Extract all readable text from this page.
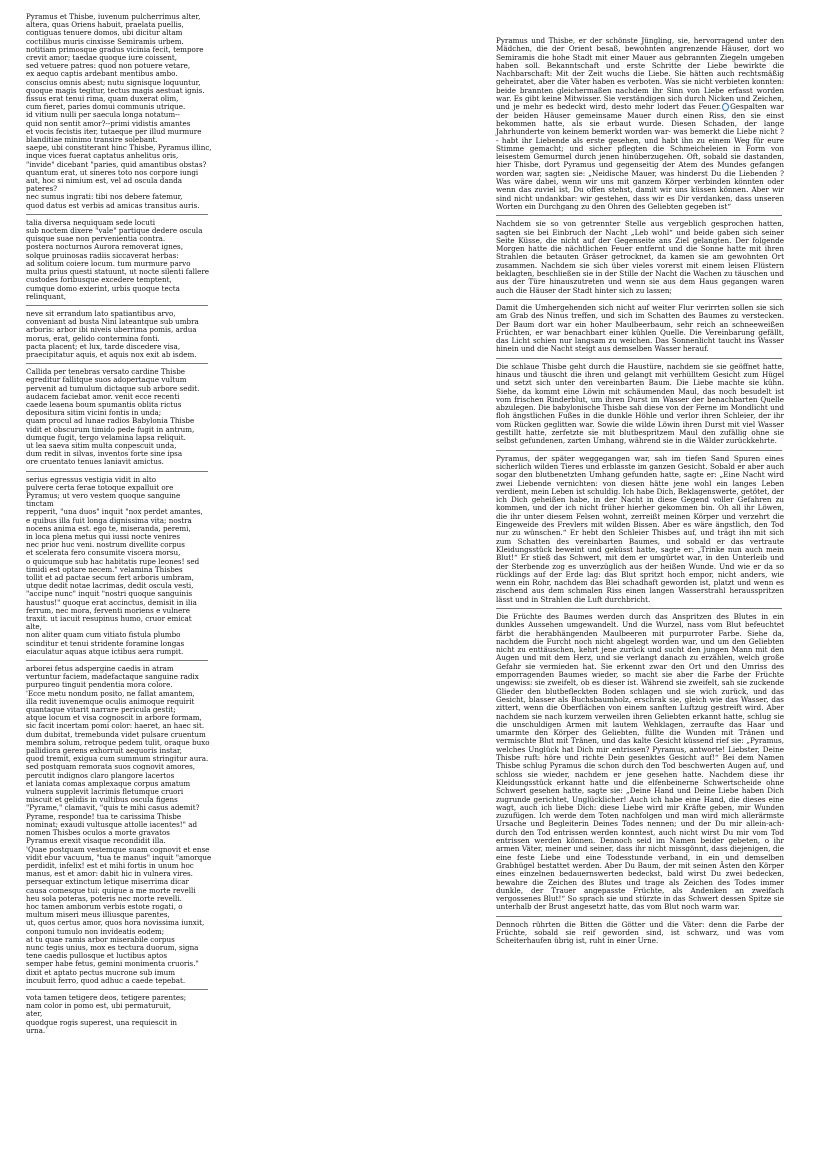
Pyramus et Thisbe, iuvenum pulcherrimus alter,
altera, quas Oriens habuit, praelata puellis,
contiguas tenuere domos, ubi dicitur altam
coctilibus muris cinxisse Semiramis urbem.
notitiam primosque gradus vicinia fecit, tempore
crevit amor; taedae quoque iure coissent,
sed vetuere patres: quod non potuere vetare,
ex aequo captis ardebant mentibus ambo.
conscius omnis abest; nutu signisque loquuntur,
quoque magis tegitur, tectus magis aestuat ignis.
fissus erat tenui rima, quam duxerat olim,
cum fieret, paries domui communis utrique.
id vitium nulli per saecula longa notatum--
quid non sentit amor?--primi vidistis amantes
et vocis fecistis iter, tutaeque per illud murmure
blanditiae minimo transire solebant.
saepe, ubi constiterant hinc Thisbe, Pyramus illinc,
inque vices fuerat captatus anhelitus oris,
"invide" dicebant "paries, quid amantibus obstas?
quantum erat, ut sineres toto nos corpore iungi
aut, hoc si nimium est, vel ad oscula danda
pateres?
nec sumus ingrati: tibi nos debere fatemur,
quod datus est verbis ad amicas transitus auris.

talia diversa nequiquam sede locuti
sub noctem dixere "vale" partique dedere oscula
quisque suae non pervenientia contra.
postera nocturnos Aurora removerat ignes,
solque pruinosas radiis siccaverat herbas:
ad solitum coiere locum. tum murmure parvo
multa prius questi statuunt, ut nocte silenti fallere
custodes foribusque excedere temptent,
cumque domo exierint, urbis quoque tecta
relinquant,

neve sit errandum lato spatiantibus arvo,
conveniant ad busta Nini lateantque sub umbra
arboris: arbor ibi niveis uberrima pomis, ardua
morus, erat, gelido contermina fonti.
pacta placent; et lux, tarde discedere visa,
praecipitatur aquis, et aquis nox exit ab isdem.

Callida per tenebras versato cardine Thisbe
egreditur fallitque suos adopertaque vultum
pervenit ad tumulum dictaque sub arbore sedit.
audacem faciebat amor. venit ecce recenti
caede leaena boum spumantis oblita rictus
depositura sitim vicini fontis in unda;
quam procul ad lunae radios Babylonia Thisbe
vidit et obscurum timido pede fugit in antrum,
dumque fugit, tergo velamina lapsa reliquit.
ut lea saeva sitim multa conpescuit unda,
dum redit in silvas, inventos forte sine ipsa
ore cruentato tenues laniavit amictus.

serius egressus vestigia vidit in alto
pulvere certa ferae totoque expalluit ore
Pyramus; ut vero vestem quoque sanguine
tinctam
repperit, "una duos" inquit "nox perdet amantes,
e quibus illa fuit longa dignissima vita; nostra
nocens anima est. ego te, miseranda, peremi,
in loca plena metus qui iussi nocte venires
nec prior huc veni. nostrum divellite corpus
et scelerata fero consumite viscera morsu,
o quicumque sub hac habitatis rupe leones! sed
timidi est optare necem." velamina Thisbes
tollit et ad pactae secum fert arboris umbram,
utque dedit notae lacrimas, dedit oscula vesti,
"accipe nunc" inquit "nostri quoque sanguinis
haustus!" quoque erat accinctus, demisit in ilia
ferrum, nec mora, ferventi moriens e vulnere
traxit. ut iacuit resupinus humo, cruor emicat
alte,
non aliter quam cum vitiato fistula plumbo
scinditur et tenui stridente foramine longas
eiaculatur aquas atque ictibus aera rumpit.

arborei fetus adspergine caedis in atram
vertuntur faciem, madefactaque sanguine radix
purpureo tinguit pendentia mora colore.
'Ecce metu nondum posito, ne fallat amantem,
illa redit iuvenemque oculis animoque requirit
quantaque vitarit narrare pericula gestit;
atque locum et visa cognoscit in arbore formam,
sic facit incertam pomi color: haeret, an haec sit.
dum dubitat, tremebunda videt pulsare cruentum
membra solum, retroque pedem tulit, oraque buxo
pallidiora gerens exhorruit aequoris instar,
quod tremit, exigua cum summum stringitur aura.
sed postquam remorata suos cognovit amores,
percutit indignos claro plangore lacertos
et laniata comas amplexaque corpus amatum
vulnera supplevit lacrimis fletumque cruori
miscuit et gelidis in vultibus oscula figens
"Pyrame," clamavit, "quis te mihi casus ademit?
Pyrame, responde! tua te carissima Thisbe
nominat; exaudi vultusque attolle iacentes!" ad
nomen Thisbes oculos a morte gravatos
Pyramus erexit visaque recondidit illa.
'Quae postquam vestemque suam cognovit et ense
vidit ebur vacuum, "tua te manus" inquit "amorque
perdidit, infelix! est et mihi fortis in unum hoc
manus, est et amor: dabit hic in vulnera vires.
persequar extinctum letique miserrima dicar
causa comesque tui: quique a me morte revelli
heu sola poteras, poteris nec morte revelli.
hoc tamen amborum verbis estote rogati, o
multum miseri meus illiusque parentes,
ut, quos certus amor, quos hora novissima iunxit,
conponi tumulo non invideatis eodem;
at tu quae ramis arbor miserabile corpus
nunc tegis unius, mox es tectura duorum, signa
tene caedis pullosque et luctibus aptos
semper habe fetus, gemini monimenta cruoris."
dixit et aptato pectus mucrone sub imum
incubuit ferro, quod adhuc a caede tepebat.

vota tamen tetigere deos, tetigere parentes;
nam color in pomo est, ubi permaturuit,
ater,
quodque rogis superest, una requiescit in
urna.`

Pyramus und Thisbe, er der schönste Jüngling, sie, hervorragend unter den Mädchen, die der Orient besaß, bewohnten angrenzende Häuser, dort wo Semiramis die hohe Stadt mit einer Mauer aus gebrannten Ziegeln umgeben haben soll. Bekanntschaft und erste Schritte der Liebe bewirkte die Nachbarschaft: Mit der Zeit wuchs die Liebe. Sie hätten auch rechtsmäßig geheiratet, aber die Väter haben es verboten. Was sie nicht verbieten konnten: beide brannten gleichermaßen nachdem ihr Sinn von Liebe erfasst worden war. Es gibt keine Mitwisser. Sie verständigen sich durch Nicken und Zeichen, und je mehr es bedeckt wird, desto mehr lodert das Feuer. Gespalten war der beiden Häuser gemeinsame Mauer durch einen Riss, den sie einst bekommen hatte, als sie erbaut wurde. Diesen Schaden, der lange Jahrhunderte von keinem bemerkt worden war- was bemerkt die Liebe nicht ?- habt ihr Liebende als erste gesehen, und habt ihn zu einem Weg für eure Stimme gemacht; und sicher pflegten die Schmeicheleien in Form von leisestem Gemurmel durch jenen hinüberzugehen. Oft, sobald sie dastanden, hier Thisbe, dort Pyramus und gegenseitig der Atem des Mundes gefangen worden war, sagten sie: „Neidische Mauer, was hinderst Du die Liebenden ? Was wäre dabei, wenn wir uns mit ganzem Körper verbinden könnten oder wenn das zuviel ist, Du offen stehst, damit wir uns küssen können. Aber wir sind nicht undankbar: wir gestehen, dass wir es Dir verdanken, dass unseren Worten ein Durchgang zu den Ohren des Geliebten gegeben ist“

Nachdem sie so von getrennter Stelle aus vergeblich gesprochen hatten, sagten sie bei Einbruch der Nacht „Leb wohl“ und beide gaben sich seiner Seite Küsse, die nicht auf der Gegenseite ans Ziel gelangten. Der folgende Morgen hatte die nächtlichen Feuer entfernt und die Sonne hatte mit ihren Strahlen die betauten Gräser getrocknet, da kamen sie am gewohnten Ort zusammen. Nachdem sie sich über vieles vorerst mit einem leisen Flüstern beklagten, beschließen sie in der Stille der Nacht die Wachen zu täuschen und aus der Türe hinauszutreten und wenn sie aus dem Haus gegangen waren auch die Häuser der Stadt hinter sich zu lassen;

Damit die Umhergehenden sich nicht auf weiter Flur verirrten sollen sie sich am Grab des Ninus treffen, und sich im Schatten des Baumes zu verstecken. Der Baum dort war ein hoher Maulbeerbaum, sehr reich an schneeweißen Früchten, er war benachbart einer kühlen Quelle. Die Vereinbarung gefällt, das Licht schien nur langsam zu weichen. Das Sonnenlicht taucht ins Wasser hinein und die Nacht steigt aus demselben Wasser herauf.

Die schlaue Thisbe geht durch die Haustüre, nachdem sie sie geöffnet hatte, hinaus und täuscht die ihren und gelangt mit verhülltem Gesicht zum Hügel und setzt sich unter den vereinbarten Baum. Die Liebe machte sie kühn. Siehe, da kommt eine Löwin mit schäumenden Maul, das noch besudelt ist vom frischen Rinderblut, um ihren Durst im Wasser der benachbarten Quelle abzulegen. Die babylonische Thisbe sah diese von der Ferne im Mondlicht und floh ängstlichen Fußes in die dunkle Höhle und verlor ihren Schleier, der ihr vom Rücken geglitten war. Sowie die wilde Löwin ihren Durst mit viel Wasser gestillt hatte, zerfetzte sie mit blutbespritzem Maul den zufällig ohne sie selbst gefundenen, zarten Umhang, während sie in die Wälder zurückkehrte.

Pyramus, der später weggegangen war, sah im tiefen Sand Spuren eines sicherlich wilden Tieres und erblasste im ganzen Gesicht. Sobald er aber auch sogar den blutbenetzten Umhang gefunden hatte, sagte er: „Eine Nacht wird zwei Liebende vernichten: von diesen hätte jene wohl ein langes Leben verdient, mein Leben ist schuldig. Ich habe Dich, Beklagenswerte, getötet, der ich Dich geheißen habe, in der Nacht in diese Gegend voller Gefahren zu kommen, und der ich nicht früher hierher gekommen bin. Oh all ihr Löwen, die ihr unter diesem Felsen wohnt, zerreißt meinen Körper und verzehrt die Eingeweide des Frevlers mit wilden Bissen. Aber es wäre ängstlich, den Tod nur zu wünschen.“ Er hebt den Schleier Thisbes auf, und trägt ihn mit sich zum Schatten des vereinbarten Baumes, und sobald er das vertraute Kleidungsstück beweint und geküsst hatte, sagte er: „Trinke nun auch mein Blut!“ Er stieß das Schwert, mit dem er umgürtet war, in den Unterleib und der Sterbende zog es unverzüglich aus der heißen Wunde. Und wie er da so rücklings auf der Erde lag: das Blut spritzt hoch empor, nicht anders, wie wenn ein Rohr, nachdem das Blei schadhaft geworden ist, platzt und wenn es zischend aus dem schmalen Riss einen langen Wasserstrahl herausspritzen lässt und in Strahlen die Luft durchbricht.

Die Früchte des Baumes werden durch das Anspritzen des Blutes in ein dunkles Aussehen umgewandelt. Und die Wurzel, nass vom Blut befeuchtet färbt die herabhängenden Maulbeeren mit purpurroter Farbe. Siehe da, nachdem die Furcht noch nicht abgelegt worden war, und um den Geliebten nicht zu enttäuschen, kehrt jene zurück und sucht den jungen Mann mit den Augen und mit dem Herz, und sie verlangt danach zu erzählen, welch große Gefahr sie vermieden hat. Sie erkennt zwar den Ort und den Umriss des emporragenden Baumes wieder, so macht sie aber die Farbe der Früchte ungewiss: sie zweifelt, ob es dieser ist. Während sie zweifelt, sah sie zuckende Glieder den blutbefleckten Boden schlagen und sie wich zurück, und das Gesicht, blasser als Buchsbaumholz, erschrak sie, gleich wie das Wasser, das zittert, wenn die Oberflächen von einem sanften Luftzug gestreift wird. Aber nachdem sie nach kurzem verweilen ihren Geliebten erkannt hatte, schlug sie die unschuldigen Armen mit lautem Wehklagen, zerraufte das Haar und umarmte den Körper des Geliebten, füllte die Wunden mit Tränen und vermischte Blut mit Tränen, und das kalte Gesicht küssend rief sie: „Pyramus, welches Unglück hat Dich mir entrissen? Pyramus, antworte! Liebster, Deine Thisbe ruft: höre und richte Dein gesenktes Gesicht auf!“ Bei dem Namen Thisbe schlug Pyramus die schon durch den Tod beschwerten Augen auf, und schloss sie wieder, nachdem er jene gesehen hatte. Nachdem diese ihr Kleidungsstück erkannt hatte und die elfenbeinerne Schwertscheide ohne Schwert gesehen hatte, sagte sie: „Deine Hand und Deine Liebe haben Dich zugrunde gerichtet, Unglücklicher! Auch ich habe eine Hand, die dieses eine wagt, auch ich liebe Dich: diese Liebe wird mir Kräfte geben, mir Wunden zuzufügen. Ich werde dem Toten nachfolgen und man wird mich allerärmste Ursache und Begleiterin Deines Todes nennen; und der Du mir allein-ach- durch den Tod entrissen werden konntest, auch nicht wirst Du mir vom Tod entrissen werden können. Dennoch seid im Namen beider gebeten, o ihr armen Väter, meiner und seiner, dass ihr nicht missgönnt, dass diejenigen, die eine feste Liebe und eine Todesstunde verband, in ein und demselben Grabhügel bestattet werden. Aber Du Baum, der mit seinen Ästen den Körper eines einzelnen bedauernswerten bedeckst, bald wirst Du zwei bedecken, bewahre die Zeichen des Blutes und trage als Zeichen des Todes immer dunkle, der Trauer angepasste Früchte, als Andenken an zweifach vergossenes Blut!“ So sprach sie und stürzte in das Schwert dessen Spitze sie unterhalb der Brust angesetzt hatte, das vom Blut noch warm war.

Dennoch rührten die Bitten die Götter und die Väter: denn die Farbe der Früchte, sobald sie reif geworden sind, ist schwarz, und was vom Scheiterhaufen übrig ist, ruht in einer Urne.
